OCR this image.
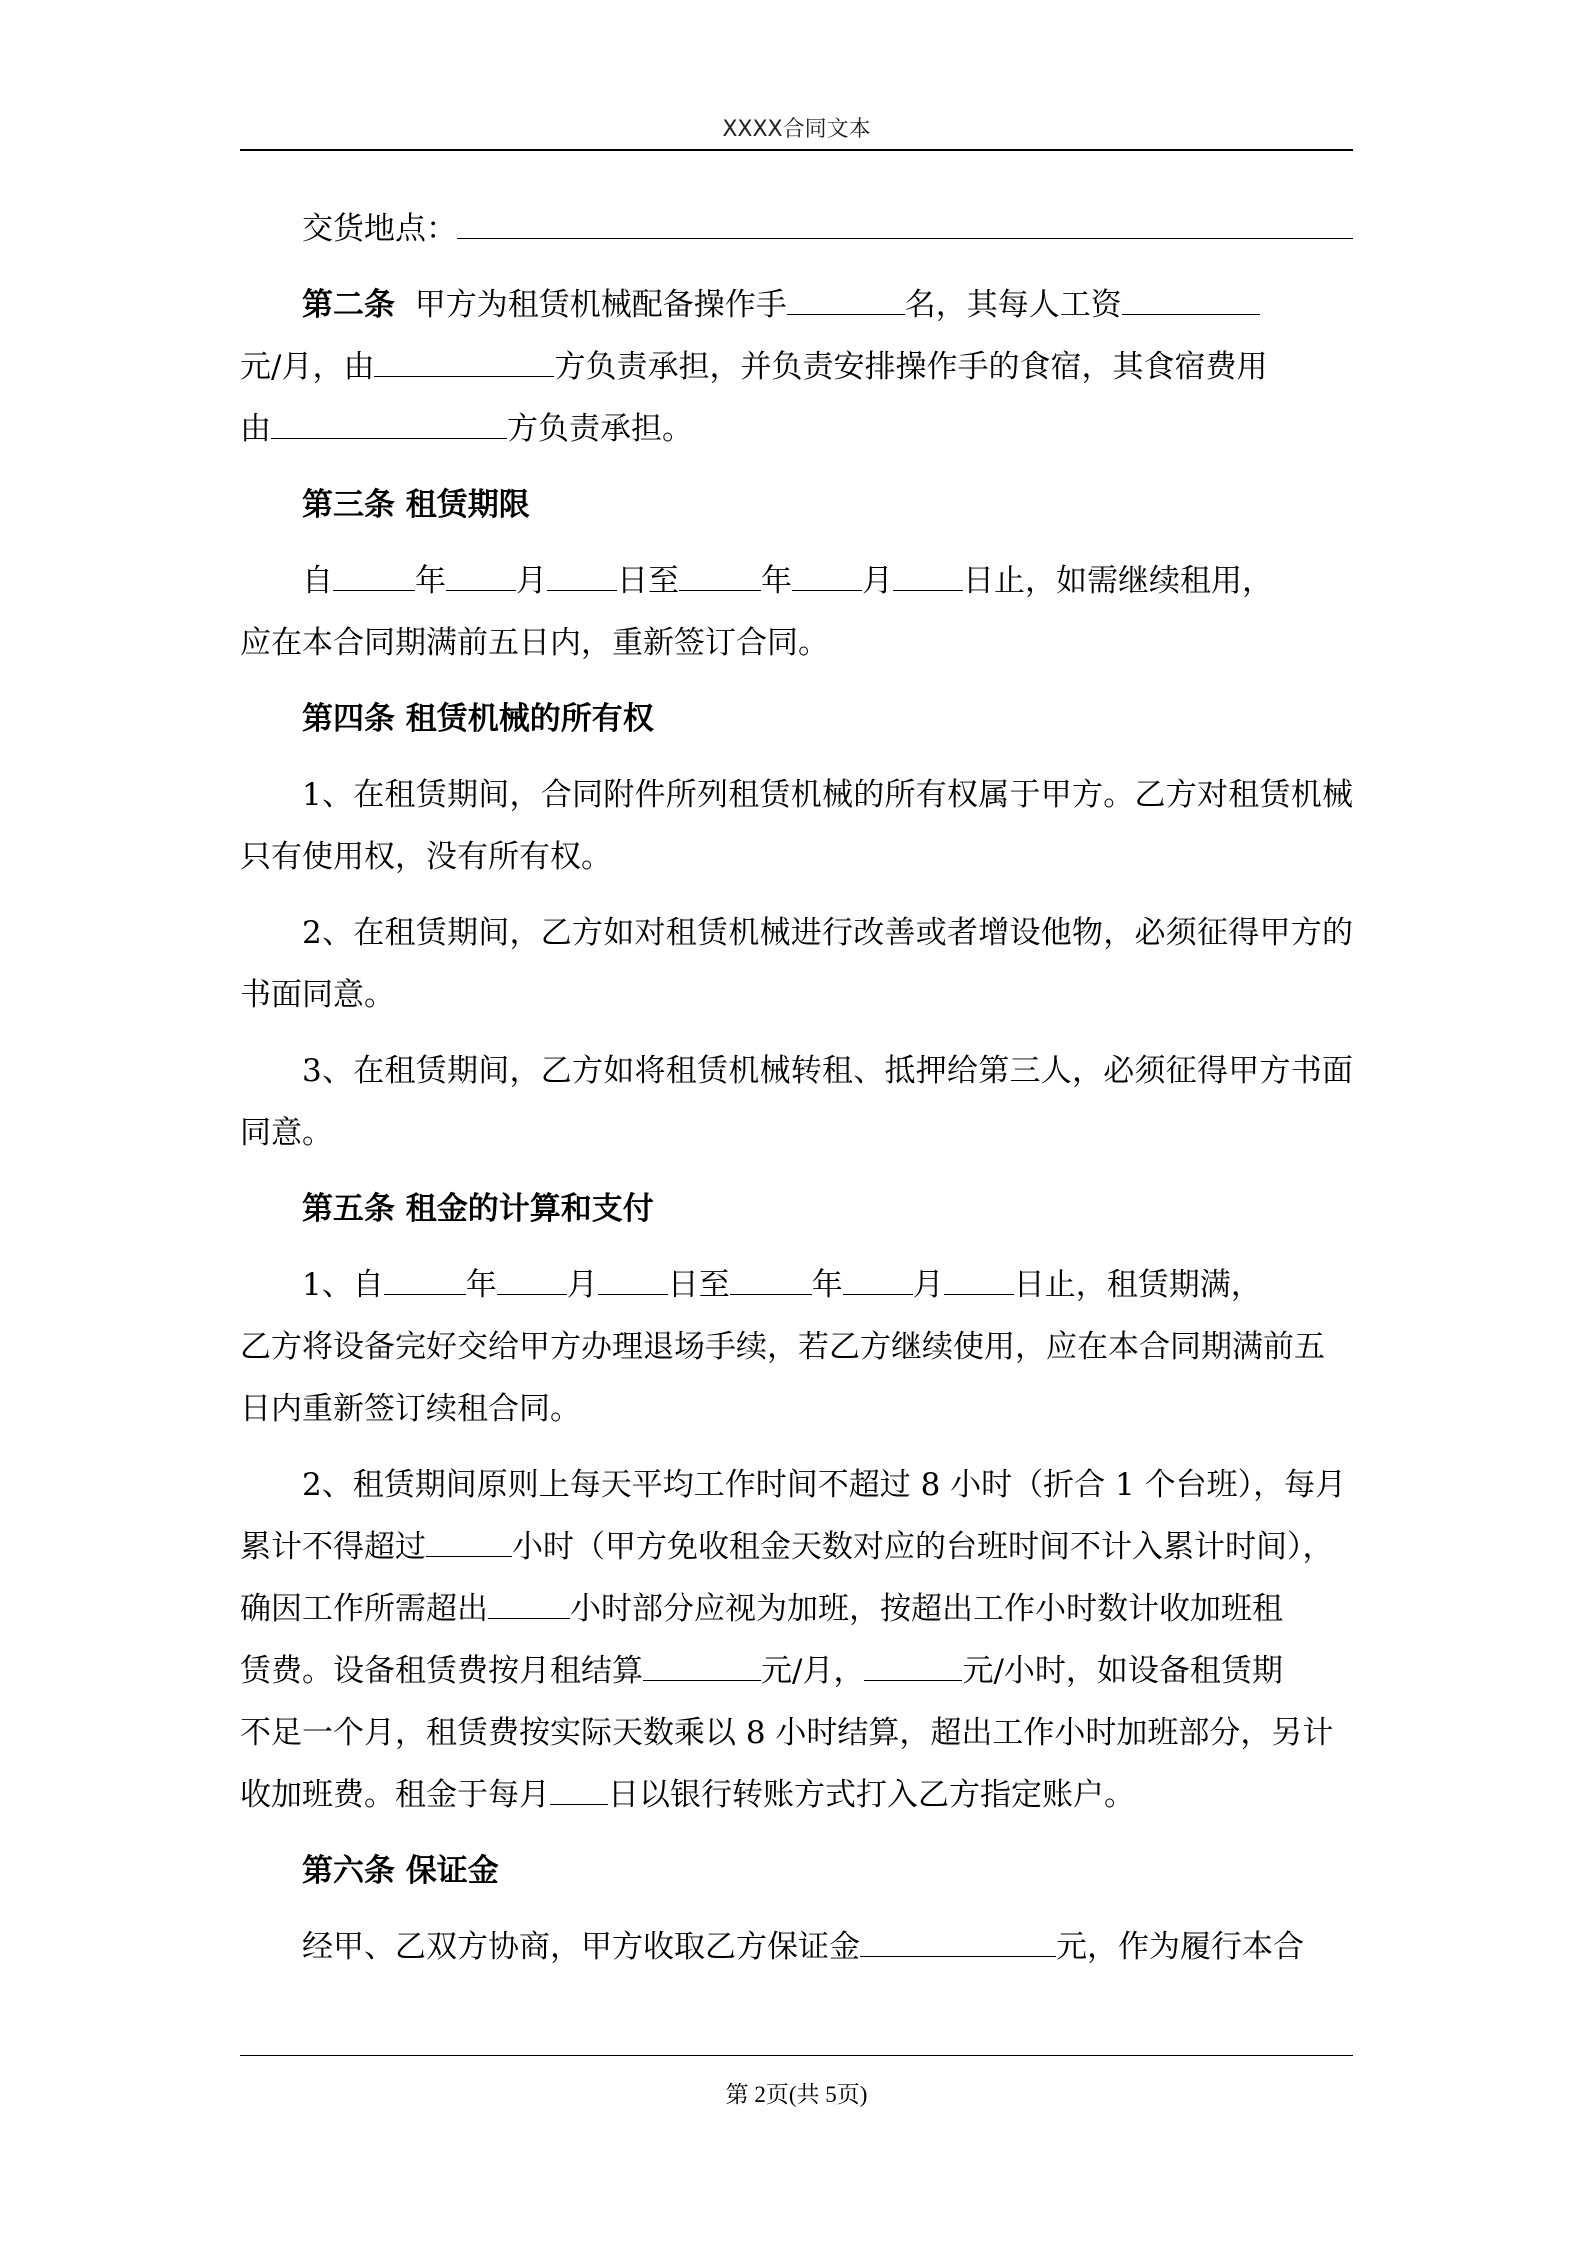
XXXX合同文本

交货地点：

第二条 甲方为租赁机械配备操作手	名，其每人工资
元/月，由	方负责承担，并负责安排操作手的食宿，其食宿费用
由	方负责承担。

第三条 租赁期限

自	年 月 日至	年 月 日止，如需继续租用，
应在本合同期满前五日内，重新签订合同。

第四条 租赁机械的所有权

1、在租赁期间，合同附件所列租赁机械的所有权属于甲方。乙方对租赁机械只有使用权，没有所有权。

2、在租赁期间，乙方如对租赁机械进行改善或者增设他物，必须征得甲方的书面同意。

3、在租赁期间，乙方如将租赁机械转租、抵押给第三人，必须征得甲方书面同意。

第五条 租金的计算和支付

1、自	年 月 日至	年 月 日止，租赁期满，
乙方将设备完好交给甲方办理退场手续，若乙方继续使用，应在本合同期满前五
日内重新签订续租合同。

2、租赁期间原则上每天平均工作时间不超过 8 小时（折合 1 个台班），每月
累计不得超过	小时（甲方免收租金天数对应的台班时间不计入累计时间），
确因工作所需超出	小时部分应视为加班，按超出工作小时数计收加班租
赁费。设备租赁费按月租结算	元/月，	元/小时，如设备租赁期
不足一个月，租赁费按实际天数乘以 8 小时结算，超出工作小时加班部分，另计
收加班费。租金于每月 日以银行转账方式打入乙方指定账户。

第六条 保证金

经甲、乙双方协商，甲方收取乙方保证金	元，作为履行本合

第 2页(共 5页)
